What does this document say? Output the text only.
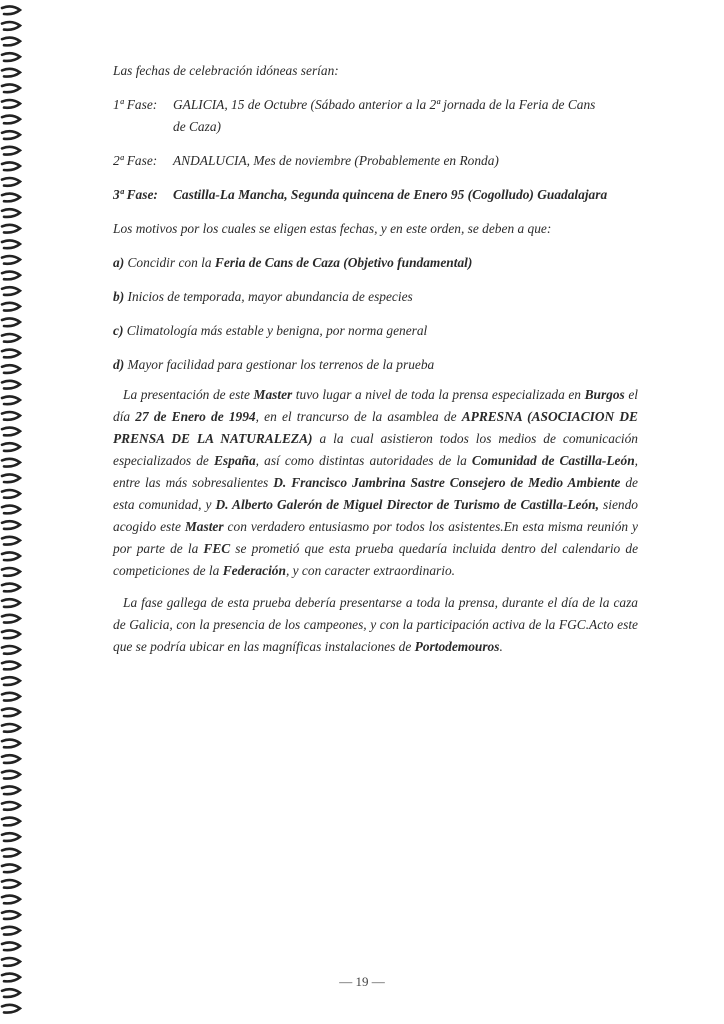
Las fechas de celebración idóneas serían:

1ª Fase: GALICIA, 15 de Octubre (Sábado anterior a la 2ª jornada de la Feria de Cans

de Caza)

2ª Fase: ANDALUCIA, Mes de noviembre (Probablemente en Ronda)

3ª Fase: Castilla-La Mancha, Segunda quincena de Enero 95 (Cogolludo) Guadalajara

Los motivos por los cuales se eligen estas fechas, y en este orden, se deben a que:

a) Concidir con la Feria de Cans de Caza (Objetivo fundamental)

b) Inicios de temporada, mayor abundancia de especies

c) Climatología más estable y benigna, por norma general

d) Mayor facilidad para gestionar los terrenos de la prueba

La presentación de este Master tuvo lugar a nivel de toda la prensa especializada en Burgos el día 27 de Enero de 1994, en el trancurso de la asamblea de APRESNA (ASOCIACION DE PRENSA DE LA NATURALEZA) a la cual asistieron todos los medios de comunicación especializados de España, así como distintas autoridades de la Comunidad de Castilla-León, entre las más sobresalientes D. Francisco Jambrina Sastre Consejero de Medio Ambiente de esta comunidad, y D. Alberto Galerón de Miguel Director de Turismo de Castilla-León, siendo acogido este Master con verdadero entusiasmo por todos los asistentes.En esta misma reunión y por parte de la FEC se prometió que esta prueba quedaría incluida dentro del calendario de competiciones de la Federación, y con caracter extraordinario.

La fase gallega de esta prueba debería presentarse a toda la prensa, durante el día de la caza de Galicia, con la presencia de los campeones, y con la participación activa de la FGC.Acto este que se podría ubicar en las magníficas instalaciones de Portodemouros.

— 19 —
